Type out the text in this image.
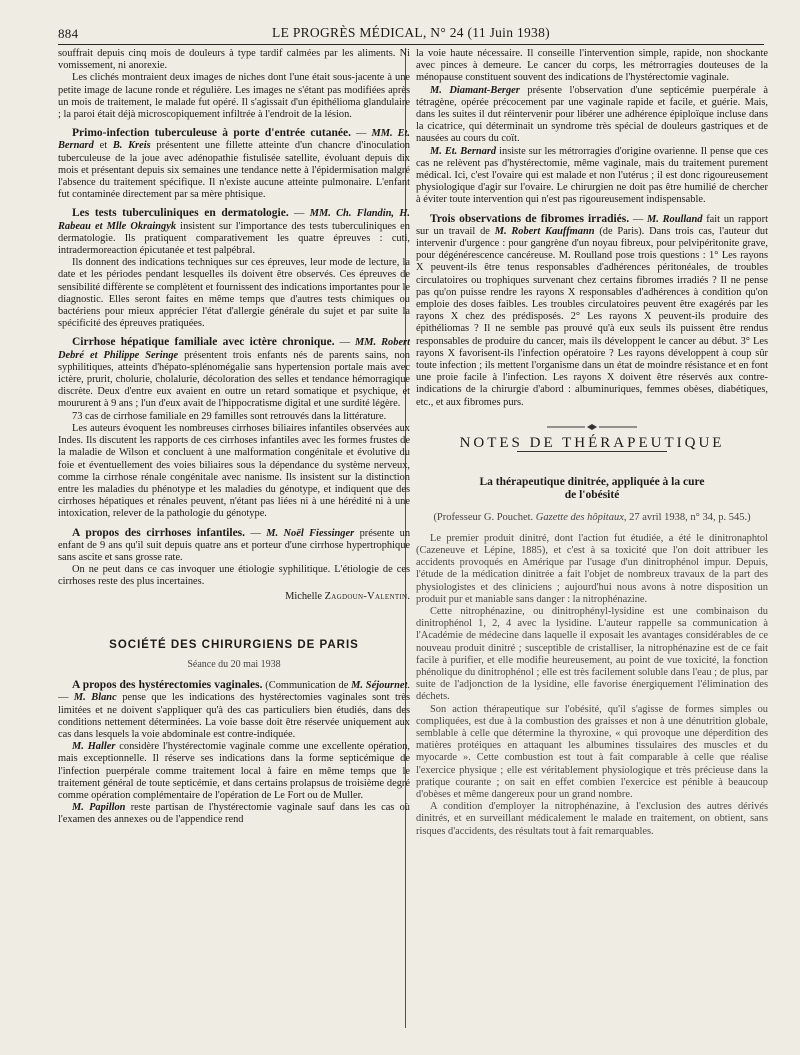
884	LE PROGRÈS MÉDICAL, N° 24 (11 Juin 1938)

souffrait depuis cinq mois de douleurs à type tardif calmées par les aliments. Ni vomissement, ni anorexie.

Les clichés montraient deux images de niches dont l'une était sous-jacente à une petite image de lacune ronde et régulière. Les images ne s'étant pas modifiées après un mois de traitement, le malade fut opéré. Il s'agissait d'un épithélioma glandulaire ; la paroi était déjà microscopiquement infiltrée à l'endroit de la lésion.

Primo-infection tuberculeuse à porte d'entrée cutanée. — MM. Et. Bernard et B. Kreis présentent une fillette atteinte d'un chancre d'inoculation tuberculeuse de la joue avec adénopathie fistulisée satellite, évoluant depuis dix mois et présentant depuis six semaines une tendance nette à l'épidermisation malgré l'absence du traitement spécifique. Il n'existe aucune atteinte pulmonaire. L'enfant fut contaminée directement par sa mère phtisique.

Les tests tuberculiniques en dermatologie. — MM. Ch. Flandin, H. Rabeau et Mlle Okraingyk insistent sur l'importance des tests tuberculiniques en dermatologie. Ils pratiquent comparativement les quatre épreuves : cuti, intradermoreaction épicutanée et test palpébral.

Ils donnent des indications techniques sur ces épreuves, leur mode de lecture, la date et les périodes pendant lesquelles ils doivent être observés. Ces épreuves de sensibilité diffèrente se complètent et fournissent des indications importantes pour le diagnostic. Elles seront faites en même temps que d'autres tests chimiques ou bactériens pour mieux apprécier l'état d'allergie générale du sujet et par suite la spécificité des épreuves pratiquées.

Cirrhose hépatique familiale avec ictère chronique. — MM. Robert Debré et Philippe Seringe présentent trois enfants nés de parents sains, non syphilitiques, atteints d'hépato-splénomégalie sans hypertension portale mais avec ictère, prurit, cholurie, cholalurie, décoloration des selles et tendance hémorragique discrète. Deux d'entre eux avaient en outre un retard somatique et psychique, et moururent à 9 ans ; l'un d'eux avait de l'hippocratisme digital et une surdité légère.

73 cas de cirrhose familiale en 29 familles sont retrouvés dans la littérature.

Les auteurs évoquent les nombreuses cirrhoses biliaires infantiles observées aux Indes. Ils discutent les rapports de ces cirrhoses infantiles avec les formes frustes de la maladie de Wilson et concluent à une malformation congénitale et évolutive du foie et éventuellement des voies biliaires sous la dépendance du système nerveux, comme la cirrhose rénale congénitale avec nanisme. Ils insistent sur la distinction entre les maladies du phénotype et les maladies du génotype, et indiquent que des cirrhoses hépatiques et rénales peuvent, n'étant pas liées ni à une hérédité ni à une intoxication, relever de la pathologie du génotype.

A propos des cirrhoses infantiles. — M. Noël Fiessinger présente un enfant de 9 ans qu'il suit depuis quatre ans et porteur d'une cirrhose hypertrophique sans ascite et sans grosse rate.

On ne peut dans ce cas invoquer une étiologie syphilitique. L'étiologie de ces cirrhoses reste des plus incertaines.

Michelle Zagdoun-Valentin.

SOCIÉTÉ DES CHIRURGIENS DE PARIS

Séance du 20 mai 1938

A propos des hystérectomies vaginales. (Communication de M. Séjournet. — M. Blanc pense que les indications des hystérectomies vaginales sont très limitées et ne doivent s'appliquer qu'à des cas particuliers bien étudiés, dans des conditions nettement déterminées. La voie basse doit être réservée uniquement aux cas dans lesquels la voie abdominale est contre-indiquée.

M. Haller considère l'hystérectomie vaginale comme une excellente opération, mais exceptionnelle. Il réserve ses indications dans la forme septicémique de l'infection puerpérale comme traitement local à faire en même temps que le traitement général de toute septicémie, et dans certains prolapsus de troisième degré comme opération complémentaire de l'opération de Le Fort ou de Muller.

M. Papillon reste partisan de l'hystérectomie vaginale sauf dans les cas où l'examen des annexes ou de l'appendice rend

la voie haute nécessaire. Il conseille l'intervention simple, rapide, non shockante avec pinces à demeure. Le cancer du corps, les métrorragies douteuses de la ménopause constituent souvent des indications de l'hystérectomie vaginale.

M. Diamant-Berger présente l'observation d'une septicémie puerpérale à tétragène, opérée précocement par une vaginale rapide et facile, et guérie. Mais, dans les suites il dut réintervenir pour libérer une adhérence épiploïque incluse dans la cicatrice, qui déterminait un syndrome très spécial de douleurs gastriques et de nausées au cours du coït.

M. Et. Bernard insiste sur les métrorragies d'origine ovarienne. Il pense que ces cas ne relèvent pas d'hystérectomie, même vaginale, mais du traitement purement médical. Ici, c'est l'ovaire qui est malade et non l'utérus ; il est donc rigoureusement physiologique d'agir sur l'ovaire. Le chirurgien ne doit pas être humilié de chercher à éviter toute intervention qui n'est pas rigoureusement indispensable.

Trois observations de fibromes irradiés. — M. Roulland fait un rapport sur un travail de M. Robert Kauffmann (de Paris). Dans trois cas, l'auteur dut intervenir d'urgence : pour gangrène d'un noyau fibreux, pour pelvipéritonite grave, pour dégénérescence cancéreuse. M. Roulland pose trois questions : 1° Les rayons X peuvent-ils être tenus responsables d'adhérences péritonéales, de troubles circulatoires ou trophiques survenant chez certains fibromes irradiés ? Il ne pense pas qu'on puisse rendre les rayons X responsables d'adhérences à condition qu'on emploie des doses faibles. Les troubles circulatoires peuvent être exagérés par les rayons X chez des prédisposés. 2° Les rayons X peuvent-ils produire des épithéliomas ? Il ne semble pas prouvé qu'à eux seuls ils puissent être rendus responsables de produire du cancer, mais ils développent le cancer au début. 3° Les rayons X favorisent-ils l'infection opératoire ? Les rayons développent à coup sûr toute infection ; ils mettent l'organisme dans un état de moindre résistance et en font une proie facile à l'infection. Les rayons X doivent être réservés aux contre-indications de la chirurgie d'abord : albuminuriques, femmes obèses, diabétiques, etc., et aux fibromes purs.

NOTES DE THÉRAPEUTIQUE

La thérapeutique dinitrée, appliquée à la cure
de l'obésité

(Professeur G. Pouchet. Gazette des hôpitaux, 27 avril 1938, n° 34, p. 545.)

Le premier produit dinitré, dont l'action fut étudiée, a été le dinitronaphtol (Cazeneuve et Lépine, 1885), et c'est à sa toxicité que l'on doit attribuer les accidents provoqués en Amérique par l'usage d'un dinitrophénol impur. Depuis, l'étude de la médication dinitrée a fait l'objet de nombreux travaux de la part des physiologistes et des cliniciens ; aujourd'hui nous avons à notre disposition un produit pur et maniable sans danger : la nitrophénazine.

Cette nitrophénazine, ou dinitrophényl-lysidine est une combinaison du dinitrophénol 1, 2, 4 avec la lysidine. L'auteur rappelle sa communication à l'Académie de médecine dans laquelle il exposait les avantages considérables de ce nouveau produit dinitré ; susceptible de cristalliser, la nitrophénazine est de ce fait facile à purifier, et elle modifie heureusement, au point de vue toxicité, la fonction phénolique du dinitrophénol ; elle est très facilement soluble dans l'eau ; de plus, par suite de l'adjonction de la lysidine, elle favorise énergiquement l'élimination des déchets.

Son action thérapeutique sur l'obésité, qu'il s'agisse de formes simples ou compliquées, est due à la combustion des graisses et non à une dénutrition globale, semblable à celle que détermine la thyroxine, « qui provoque une déperdition des matières protéiques en attaquant les albumines tissulaires des muscles et du myocarde ». Cette combustion est tout à fait comparable à celle que réalise l'exercice physique ; elle est véritablement physiologique et très précieuse dans la pratique courante ; on sait en effet combien l'exercice est pénible à beaucoup d'obèses et même dangereux pour un grand nombre.

A condition d'employer la nitrophénazine, à l'exclusion des autres dérivés dinitrés, et en surveillant médicalement le malade en traitement, on obtient, sans risques d'accidents, des résultats tout à fait remarquables.
